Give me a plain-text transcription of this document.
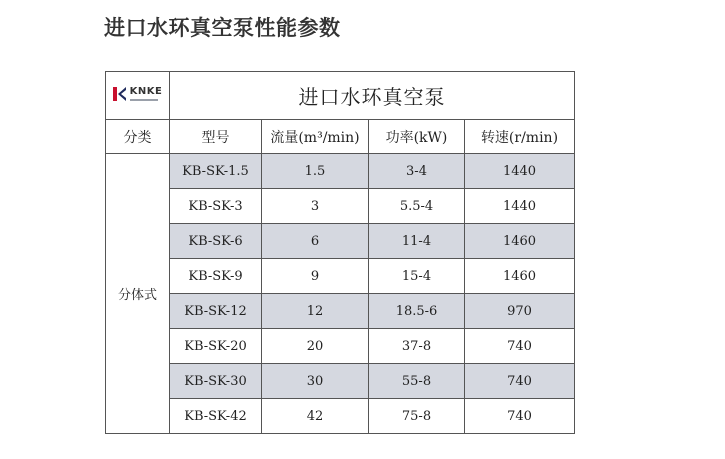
进口水环真空泵性能参数
KNKE	进口水环真空泵			
分类	型号	流量(m³/min)	功率(kW)	转速(r/min)
分体式	KB-SK-1.5	1.5	3-4	1440
	KB-SK-3	3	5.5-4	1440
	KB-SK-6	6	11-4	1460
	KB-SK-9	9	15-4	1460
	KB-SK-12	12	18.5-6	970
	KB-SK-20	20	37-8	740
	KB-SK-30	30	55-8	740
	KB-SK-42	42	75-8	740
